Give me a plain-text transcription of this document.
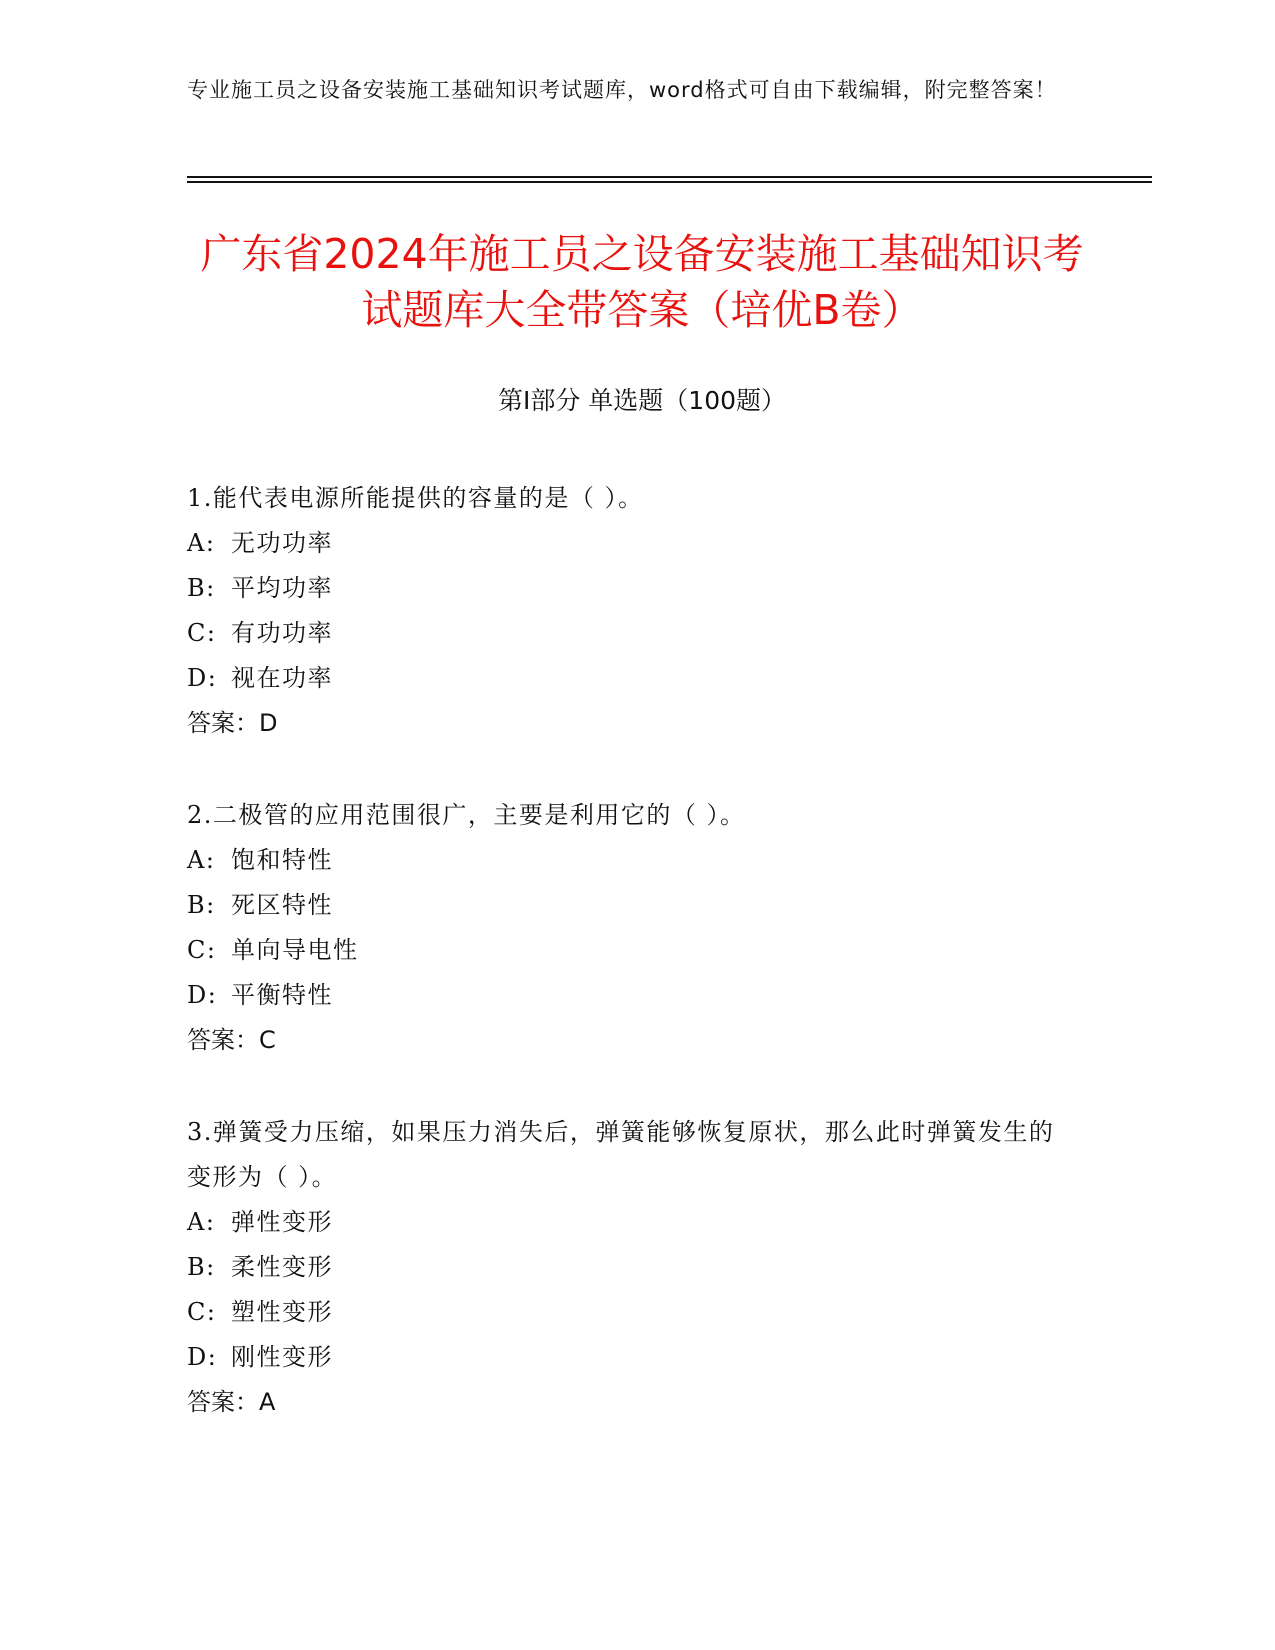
专业施工员之设备安装施工基础知识考试题库，word格式可自由下载编辑，附完整答案！
广东省2024年施工员之设备安装施工基础知识考试题库大全带答案（培优B卷）
第Ⅰ部分 单选题（100题）

1.能代表电源所能提供的容量的是（ ）。

A: 无功功率
B: 平均功率
C: 有功功率
D: 视在功率
答案：D

2.二极管的应用范围很广，主要是利用它的（ ）。

A: 饱和特性
B: 死区特性
C: 单向导电性
D: 平衡特性
答案：C

3.弹簧受力压缩，如果压力消失后，弹簧能够恢复原状，那么此时弹簧发生的变形为（ ）。

A: 弹性变形
B: 柔性变形
C: 塑性变形
D: 刚性变形
答案：A
